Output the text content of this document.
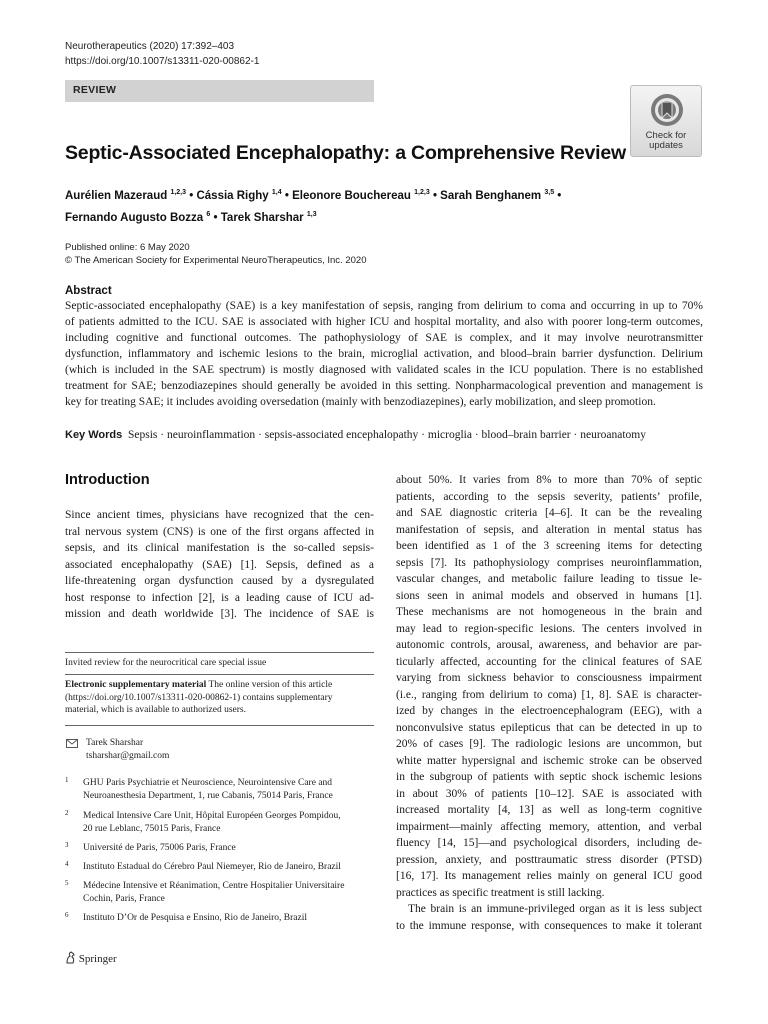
Neurotherapeutics (2020) 17:392–403
https://doi.org/10.1007/s13311-020-00862-1
REVIEW
Check for
updates
Septic-Associated Encephalopathy: a Comprehensive Review
Aurélien Mazeraud $^{1,2,3}$ • Cássia Righy $^{1,4}$ • Eleonore Bouchereau $^{1,2,3}$ • Sarah Benghanem $^{3,5}$ •
Fernando Augusto Bozza $^6$ • Tarek Sharshar $^{1,3}$
Published online: 6 May 2020
© The American Society for Experimental NeuroTherapeutics, Inc. 2020
Abstract
Septic-associated encephalopathy (SAE) is a key manifestation of sepsis, ranging from delirium to coma and occurring in up to 70%
of patients admitted to the ICU. SAE is associated with higher ICU and hospital mortality, and also with poorer long-term outcomes,
including cognitive and functional outcomes. The pathophysiology of SAE is complex, and it may involve neurotransmitter
dysfunction, inflammatory and ischemic lesions to the brain, microglial activation, and blood–brain barrier dysfunction. Delirium
(which is included in the SAE spectrum) is mostly diagnosed with validated scales in the ICU population. There is no established
treatment for SAE; benzodiazepines should generally be avoided in this setting. Nonpharmacological prevention and management is
key for treating SAE; it includes avoiding oversedation (mainly with benzodiazepines), early mobilization, and sleep promotion.
Key Words Sepsis · neuroinflammation · sepsis-associated encephalopathy · microglia · blood–brain barrier · neuroanatomy
Introduction
Since ancient times, physicians have recognized that the cen-
tral nervous system (CNS) is one of the first organs affected in
sepsis, and its clinical manifestation is the so-called sepsis-
associated encephalopathy (SAE) [1]. Sepsis, defined as a
life-threatening organ dysfunction caused by a dysregulated
host response to infection [2], is a leading cause of ICU ad-
mission and death worldwide [3]. The incidence of SAE is
about 50%. It varies from 8% to more than 70% of septic
patients, according to the sepsis severity, patients’ profile,
and SAE diagnostic criteria [4–6]. It can be the revealing
manifestation of sepsis, and alteration in mental status has
been identified as 1 of the 3 screening items for detecting
sepsis [7]. Its pathophysiology comprises neuroinflammation,
vascular changes, and metabolic failure leading to tissue le-
sions seen in animal models and observed in humans [1].
These mechanisms are not homogeneous in the brain and
may lead to region-specific lesions. The centers involved in
autonomic controls, arousal, awareness, and behavior are par-
ticularly affected, accounting for the clinical features of SAE
varying from sickness behavior to consciousness impairment
(i.e., ranging from delirium to coma) [1, 8]. SAE is character-
ized by changes in the electroencephalogram (EEG), with a
nonconvulsive status epilepticus that can be detected in up to
20% of cases [9]. The radiologic lesions are uncommon, but
white matter hypersignal and ischemic stroke can be observed
in the subgroup of patients with septic shock ischemic lesions
in about 30% of patients [10–12]. SAE is associated with
increased mortality [4, 13] as well as long-term cognitive
impairment—mainly affecting memory, attention, and verbal
fluency [14, 15]—and psychological disorders, including de-
pression, anxiety, and posttraumatic stress disorder (PTSD)
[16, 17]. Its management relies mainly on general ICU good
practices as specific treatment is still lacking.
The brain is an immune-privileged organ as it is less subject
to the immune response, with consequences to make it tolerant
Invited review for the neurocritical care special issue
Electronic supplementary material The online version of this article
(https://doi.org/10.1007/s13311-020-00862-1) contains supplementary
material, which is available to authorized users.
Tarek Sharshar
tsharshar@gmail.com
1 GHU Paris Psychiatrie et Neuroscience, Neurointensive Care and
Neuroanesthesia Department, 1, rue Cabanis, 75014 Paris, France
2 Medical Intensive Care Unit, Hôpital Européen Georges Pompidou,
20 rue Leblanc, 75015 Paris, France
3 Université de Paris, 75006 Paris, France
4 Instituto Estadual do Cérebro Paul Niemeyer, Rio de Janeiro, Brazil
5 Médecine Intensive et Réanimation, Centre Hospitalier Universitaire
Cochin, Paris, France
6 Instituto D’Or de Pesquisa e Ensino, Rio de Janeiro, Brazil
Springer
